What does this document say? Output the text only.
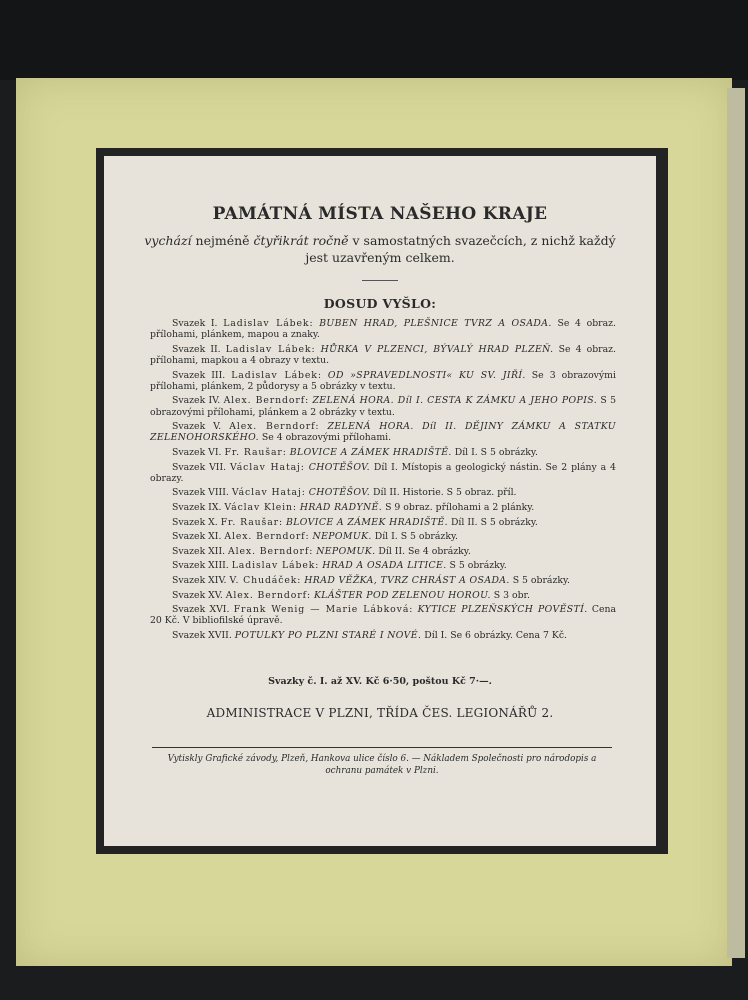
PAMÁTNÁ MÍSTA NAŠEHO KRAJE
vychází nejméně čtyřikrát ročně v samostatných svazečcích, z nichž každý jest uzavřeným celkem.
DOSUD VYŠLO:
Svazek I. Ladislav Lábek: BUBEN HRAD, PLEŠNICE TVRZ A OSADA. Se 4 obraz. přílohami, plánkem, mapou a znaky.
Svazek II. Ladislav Lábek: HŮRKA V PLZENCI, BÝVALÝ HRAD PLZEŇ. Se 4 obraz. přílohami, mapkou a 4 obrazy v textu.
Svazek III. Ladislav Lábek: OD »SPRAVEDLNOSTI« KU SV. JIŘÍ. Se 3 obrazovými přílohami, plánkem, 2 půdorysy a 5 obrázky v textu.
Svazek IV. Alex. Berndorf: ZELENÁ HORA. Díl I. CESTA K ZÁMKU A JEHO POPIS. S 5 obrazovými přílohami, plánkem a 2 obrázky v textu.
Svazek V. Alex. Berndorf: ZELENÁ HORA. Díl II. DĚJINY ZÁMKU A STATKU ZELENOHORSKÉHO. Se 4 obrazovými přílohami.
Svazek VI. Fr. Raušar: BLOVICE A ZÁMEK HRADIŠTĚ. Díl I. S 5 obrázky.
Svazek VII. Václav Hataj: CHOTĚŠOV. Díl I. Místopis a geologický nástin. Se 2 plány a 4 obrazy.
Svazek VIII. Václav Hataj: CHOTĚŠOV. Díl II. Historie. S 5 obraz. příl.
Svazek IX. Václav Klein: HRAD RADYNĚ. S 9 obraz. přílohami a 2 plánky.
Svazek X. Fr. Raušar: BLOVICE A ZÁMEK HRADIŠTĚ. Díl II. S 5 obrázky.
Svazek XI. Alex. Berndorf: NEPOMUK. Díl I. S 5 obrázky.
Svazek XII. Alex. Berndorf: NEPOMUK. Díl II. Se 4 obrázky.
Svazek XIII. Ladislav Lábek: HRAD A OSADA LITICE. S 5 obrázky.
Svazek XIV. V. Chudáček: HRAD VĚŽKA, TVRZ CHRÁST A OSADA. S 5 obrázky.
Svazek XV. Alex. Berndorf: KLÁŠTER POD ZELENOU HOROU. S 3 obr.
Svazek XVI. Frank Wenig — Marie Lábková: KYTICE PLZEŇSKÝCH POVĚSTÍ. Cena 20 Kč. V bibliofilské úpravě.
Svazek XVII. POTULKY PO PLZNI STARÉ I NOVÉ. Díl I. Se 6 obrázky. Cena 7 Kč.
Svazky č. I. až XV. Kč 6·50, poštou Kč 7·—.
ADMINISTRACE V PLZNI, TŘÍDA ČES. LEGIONÁŘŮ 2.
Vytiskly Grafické závody, Plzeň, Hankova ulice číslo 6. — Nákladem Společnosti pro národopis a ochranu památek v Plzni.
